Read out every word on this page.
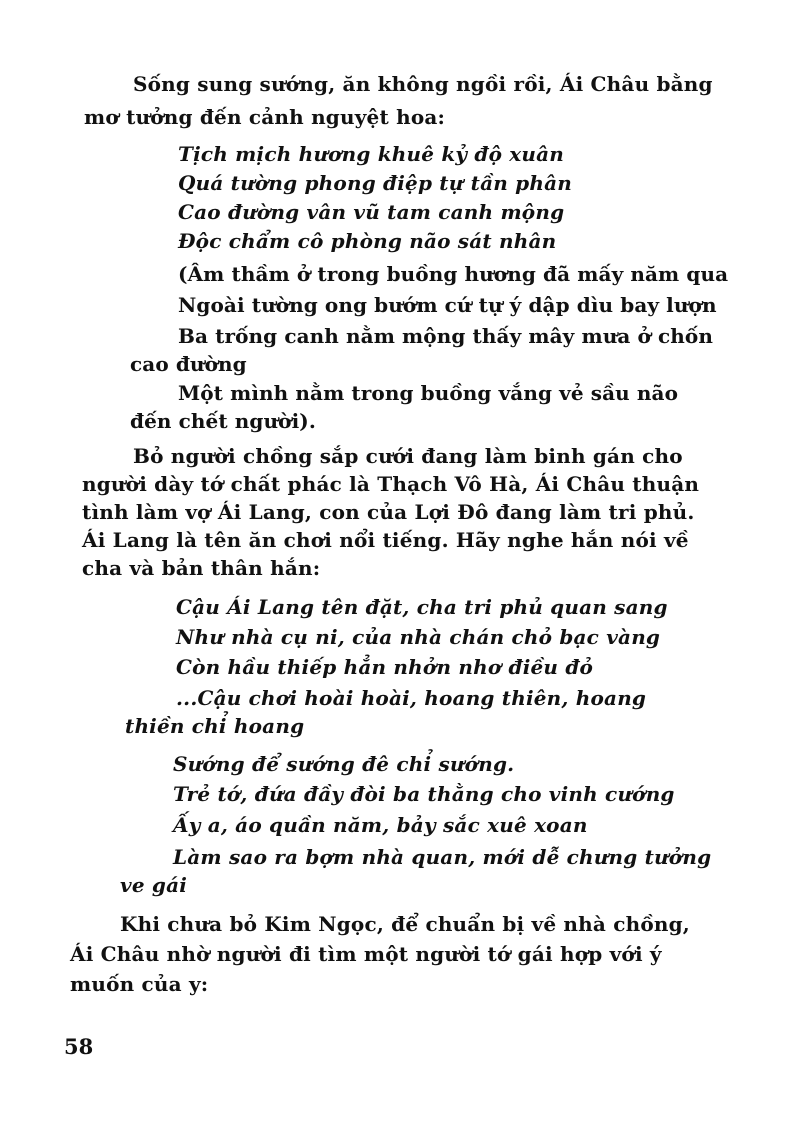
Sống sung sướng, ăn không ngồi rồi, Ái Châu bằng
mơ tưởng đến cảnh nguyệt hoa:
Tịch mịch hương khuê kỷ độ xuân
Quá tường phong điệp tự tần phân
Cao đường vân vũ tam canh mộng
Độc chẩm cô phòng não sát nhân
(Âm thầm ở trong buồng hương đã mấy năm qua
Ngoài tường ong bướm cứ tự ý dập dìu bay lượn
Ba trống canh nằm mộng thấy mây mưa ở chốn
cao đường
Một mình nằm trong buồng vắng vẻ sầu não
đến chết người).
Bỏ người chồng sắp cưới đang làm binh gán cho
người dày tớ chất phác là Thạch Vô Hà, Ái Châu thuận
tình làm vợ Ái Lang, con của Lợi Đô đang làm tri phủ.
Ái Lang là tên ăn chơi nổi tiếng. Hãy nghe hắn nói về
cha và bản thân hắn:
Cậu Ái Lang tên đặt, cha tri phủ quan sang
Như nhà cụ ni, của nhà chán chỏ bạc vàng
Còn hầu thiếp hẳn nhởn nhơ điều đỏ
...Cậu chơi hoài hoài, hoang thiên, hoang
thiền chỉ hoang
Sướng để sướng đê chỉ sướng.
Trẻ tớ, đứa đầy đòi ba thằng cho vinh cướng
Ấy a, áo quần năm, bảy sắc xuê xoan
Làm sao ra bợm nhà quan, mới dễ chưng tưởng
ve gái
Khi chưa bỏ Kim Ngọc, để chuẩn bị về nhà chồng,
Ái Châu nhờ người đi tìm một người tớ gái hợp với ý
muốn của y:
58
